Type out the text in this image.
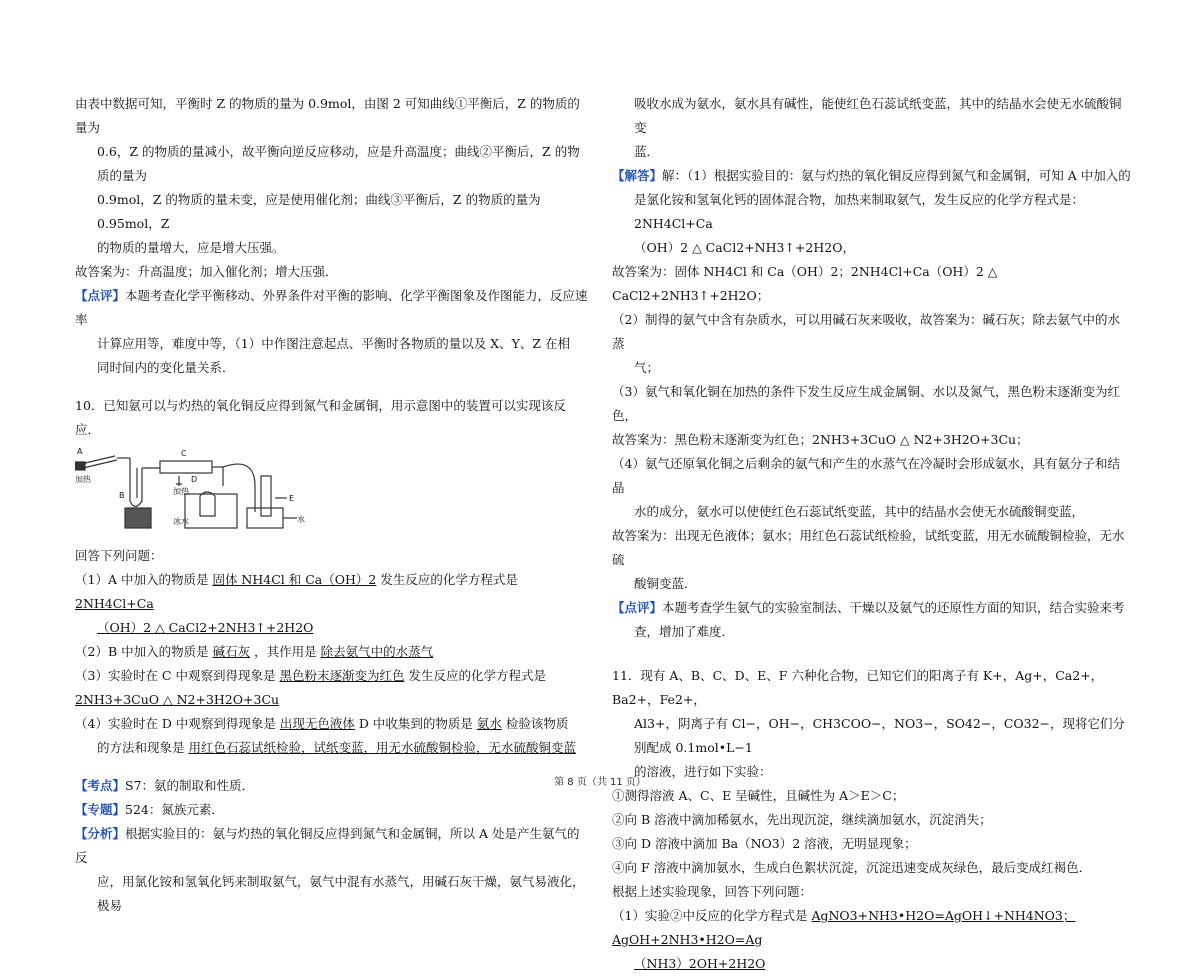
由表中数据可知，平衡时 Z 的物质的量为 0.9mol，由图 2 可知曲线①平衡后，Z 的物质的量为

0.6，Z 的物质的量减小，故平衡向逆反应移动，应是升高温度；曲线②平衡后，Z 的物质的量为

0.9mol，Z 的物质的量未变，应是使用催化剂；曲线③平衡后，Z 的物质的量为 0.95mol，Z

的物质的量增大，应是增大压强。

故答案为：升高温度；加入催化剂；增大压强．

【点评】本题考查化学平衡移动、外界条件对平衡的影响、化学平衡图象及作图能力，反应速率

计算应用等，难度中等，（1）中作图注意起点、平衡时各物质的量以及 X、Y、Z 在相

同时间内的变化量关系．

10．已知氨可以与灼热的氧化铜反应得到氮气和金属铜，用示意图中的装置可以实现该反应．

A
加热
B
C
D
加热
E
冰水	水

回答下列问题：

（1）A 中加入的物质是 固体 NH4Cl 和 Ca（OH）2 发生反应的化学方程式是 2NH4Cl+Ca

（OH）2 △ CaCl2+2NH3↑+2H2O

（2）B 中加入的物质是 碱石灰 ，其作用是 除去氨气中的水蒸气

（3）实验时在 C 中观察到得现象是 黑色粉末逐渐变为红色 发生反应的化学方程式是

2NH3+3CuO △ N2+3H2O+3Cu

（4）实验时在 D 中观察到得现象是 出现无色液体 D 中收集到的物质是 氨水 检验该物质

的方法和现象是 用红色石蕊试纸检验，试纸变蓝，用无水硫酸铜检验，无水硫酸铜变蓝

【考点】S7：氨的制取和性质．

【专题】524：氮族元素．

【分析】根据实验目的：氨与灼热的氧化铜反应得到氮气和金属铜，所以 A 处是产生氨气的反

应，用氯化铵和氢氧化钙来制取氨气，氨气中混有水蒸气，用碱石灰干燥，氨气易液化，极易

吸收水成为氨水，氨水具有碱性，能使红色石蕊试纸变蓝，其中的结晶水会使无水硫酸铜变

蓝．

【解答】解：（1）根据实验目的：氨与灼热的氧化铜反应得到氮气和金属铜，可知 A 中加入的

是氯化铵和氢氧化钙的固体混合物，加热来制取氨气，发生反应的化学方程式是：2NH4Cl+Ca

（OH）2 △ CaCl2+NH3↑+2H2O，

故答案为：固体 NH4Cl 和 Ca（OH）2；2NH4Cl+Ca（OH）2 △ CaCl2+2NH3↑+2H2O；

（2）制得的氨气中含有杂质水，可以用碱石灰来吸收，故答案为：碱石灰；除去氨气中的水蒸

气；

（3）氨气和氧化铜在加热的条件下发生反应生成金属铜、水以及氮气，黑色粉末逐渐变为红色，

故答案为：黑色粉末逐渐变为红色；2NH3+3CuO △ N2+3H2O+3Cu；

（4）氨气还原氧化铜之后剩余的氨气和产生的水蒸气在冷凝时会形成氨水，具有氨分子和结晶

水的成分，氨水可以使使红色石蕊试纸变蓝，其中的结晶水会使无水硫酸铜变蓝，

故答案为：出现无色液体；氨水；用红色石蕊试纸检验，试纸变蓝，用无水硫酸铜检验，无水硫

酸铜变蓝．

【点评】本题考查学生氨气的实验室制法、干燥以及氨气的还原性方面的知识，结合实验来考

查，增加了难度．

11．现有 A、B、C、D、E、F 六种化合物，已知它们的阳离子有 K+，Ag+，Ca2+，Ba2+，Fe2+，

Al3+，阴离子有 Cl−，OH−，CH3COO−，NO3−，SO42−，CO32−，现将它们分别配成 0.1mol•L−1

的溶液，进行如下实验：

①测得溶液 A、C、E 呈碱性，且碱性为 A＞E＞C；

②向 B 溶液中滴加稀氨水，先出现沉淀，继续滴加氨水，沉淀消失；

③向 D 溶液中滴加 Ba（NO3）2 溶液，无明显现象；

④向 F 溶液中滴加氨水，生成白色絮状沉淀，沉淀迅速变成灰绿色，最后变成红褐色．

根据上述实验现象，回答下列问题：

（1）实验②中反应的化学方程式是 AgNO3+NH3•H2O=AgOH↓+NH4NO3；AgOH+2NH3•H2O=Ag

（NH3）2OH+2H2O

第 8 页（共 11 页）
